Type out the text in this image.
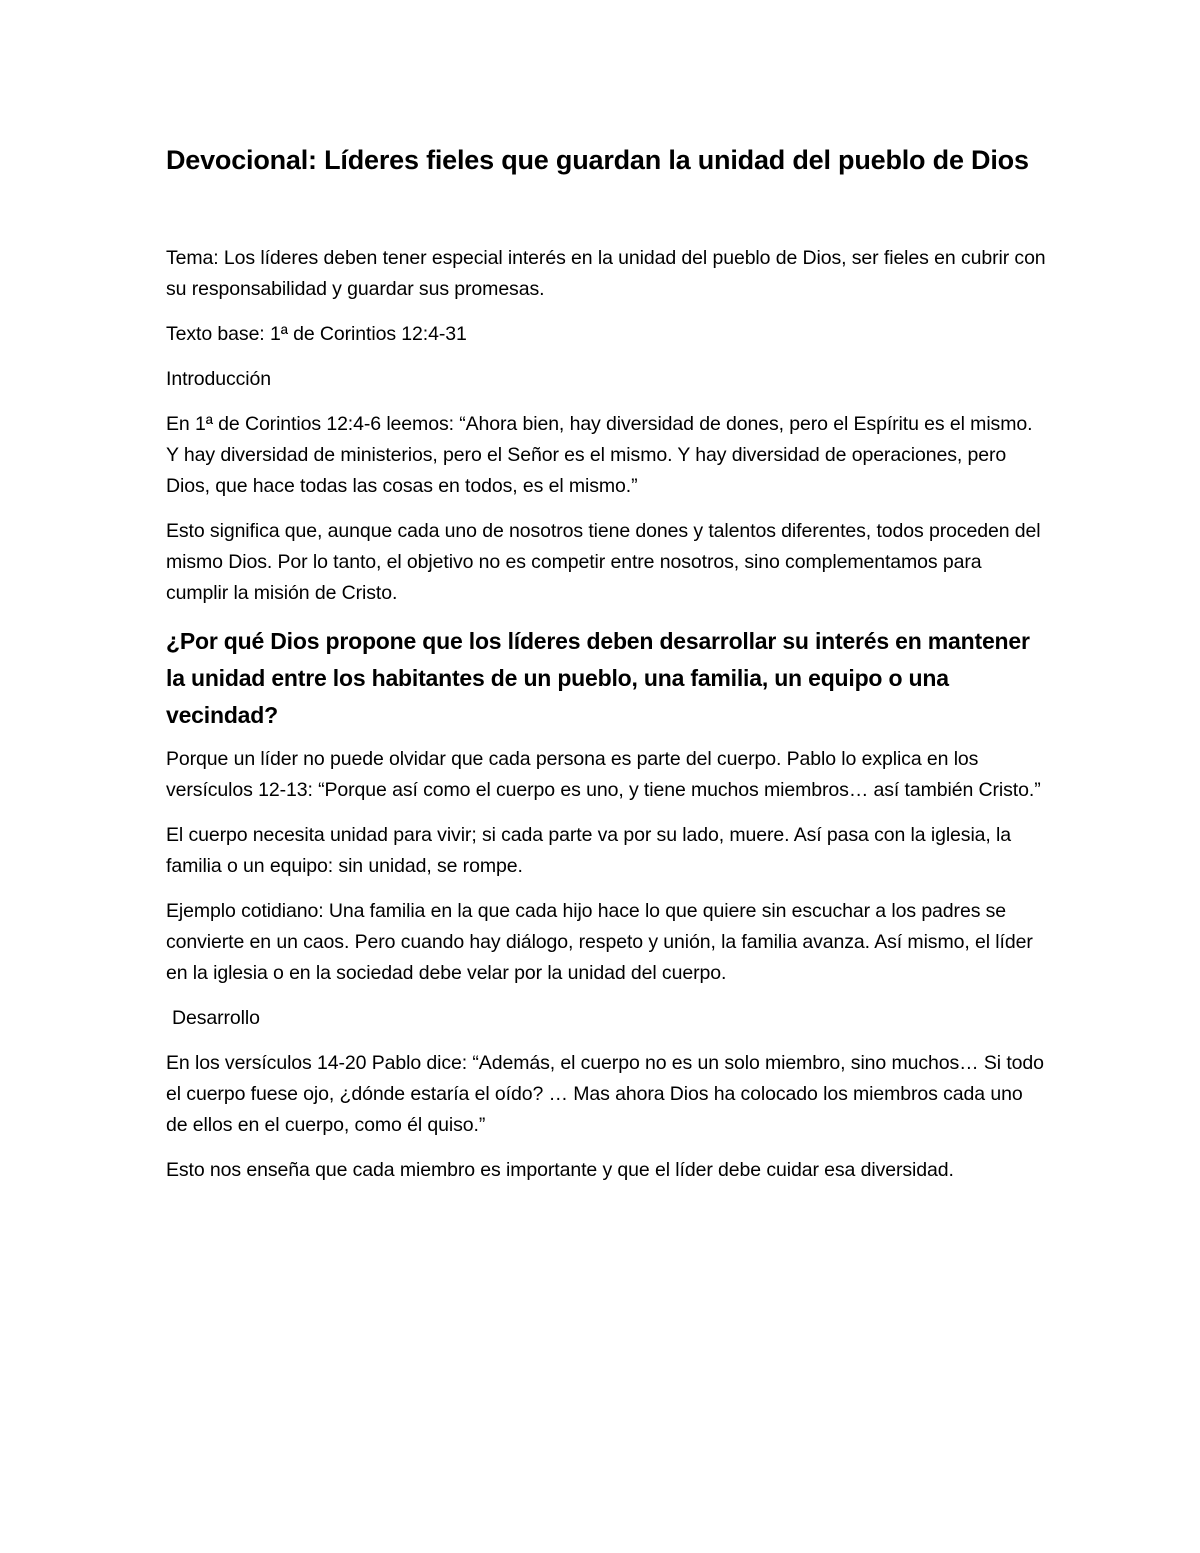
Devocional: Líderes fieles que guardan la unidad del pueblo de Dios

Tema: Los líderes deben tener especial interés en la unidad del pueblo de Dios, ser fieles en cubrir con su responsabilidad y guardar sus promesas.

Texto base: 1ª de Corintios 12:4-31

Introducción

En 1ª de Corintios 12:4-6 leemos: “Ahora bien, hay diversidad de dones, pero el Espíritu es el mismo. Y hay diversidad de ministerios, pero el Señor es el mismo. Y hay diversidad de operaciones, pero Dios, que hace todas las cosas en todos, es el mismo.”

Esto significa que, aunque cada uno de nosotros tiene dones y talentos diferentes, todos proceden del mismo Dios. Por lo tanto, el objetivo no es competir entre nosotros, sino complementamos para cumplir la misión de Cristo.

¿Por qué Dios propone que los líderes deben desarrollar su interés en mantener la unidad entre los habitantes de un pueblo, una familia, un equipo o una vecindad?

Porque un líder no puede olvidar que cada persona es parte del cuerpo. Pablo lo explica en los versículos 12-13: “Porque así como el cuerpo es uno, y tiene muchos miembros… así también Cristo.”

El cuerpo necesita unidad para vivir; si cada parte va por su lado, muere. Así pasa con la iglesia, la familia o un equipo: sin unidad, se rompe.

Ejemplo cotidiano: Una familia en la que cada hijo hace lo que quiere sin escuchar a los padres se convierte en un caos. Pero cuando hay diálogo, respeto y unión, la familia avanza. Así mismo, el líder en la iglesia o en la sociedad debe velar por la unidad del cuerpo.

Desarrollo

En los versículos 14-20 Pablo dice: “Además, el cuerpo no es un solo miembro, sino muchos… Si todo el cuerpo fuese ojo, ¿dónde estaría el oído? … Mas ahora Dios ha colocado los miembros cada uno de ellos en el cuerpo, como él quiso.”

Esto nos enseña que cada miembro es importante y que el líder debe cuidar esa diversidad.
